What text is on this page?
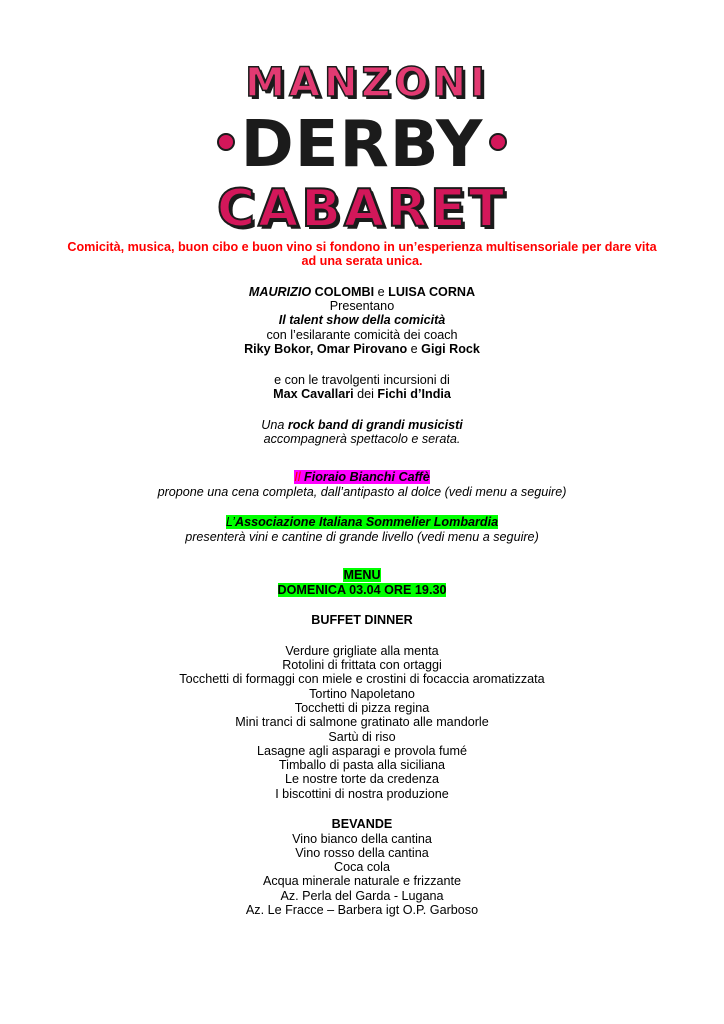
MANZONI
DERBY
CABARET

Comicità, musica, buon cibo e buon vino si fondono in un’esperienza multisensoriale per dare vita

ad una serata unica.

MAURIZIO COLOMBI e LUISA CORNA

Presentano

Il talent show della comicità

con l’esilarante comicità dei coach

Riky Bokor, Omar Pirovano e Gigi Rock

e con le travolgenti incursioni di

Max Cavallari dei Fichi d’India

Una rock band di grandi musicisti

accompagnerà spettacolo e serata.

Il Fioraio Bianchi Caffè

propone una cena completa, dall’antipasto al dolce (vedi menu a seguire)

L’Associazione Italiana Sommelier Lombardia

presenterà vini e cantine di grande livello (vedi menu a seguire)

MENU

DOMENICA 03.04 ORE 19.30

BUFFET DINNER

Verdure grigliate alla menta

Rotolini di frittata con ortaggi

Tocchetti di formaggi con miele e crostini di focaccia aromatizzata

Tortino Napoletano

Tocchetti di pizza regina

Mini tranci di salmone gratinato alle mandorle

Sartù di riso

Lasagne agli asparagi e provola fumé

Timballo di pasta alla siciliana

Le nostre torte da credenza

I biscottini di nostra produzione

BEVANDE

Vino bianco della cantina

Vino rosso della cantina

Coca cola

Acqua minerale naturale e frizzante

Az. Perla del Garda - Lugana

Az. Le Fracce – Barbera igt O.P. Garboso
